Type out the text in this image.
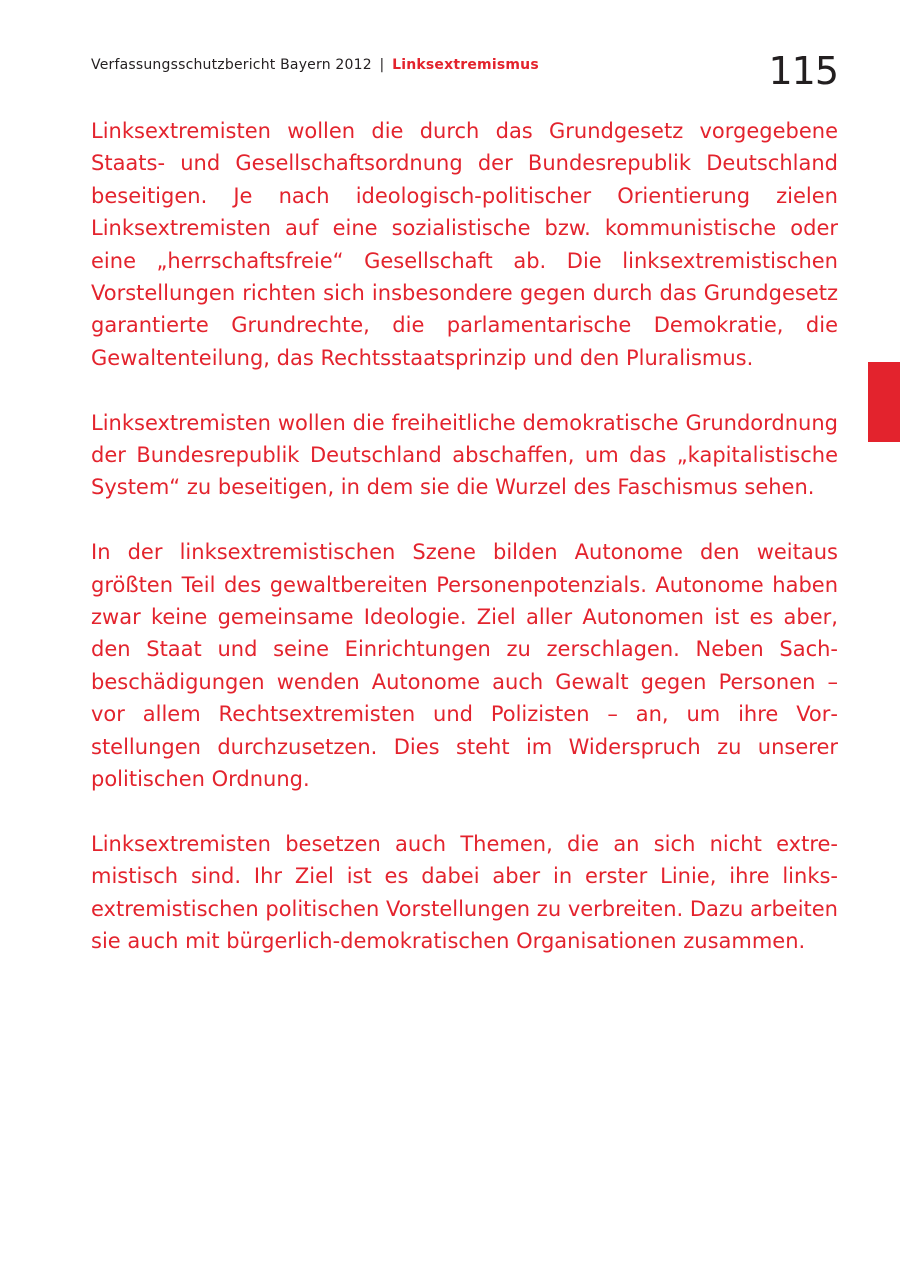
Verfassungsschutzbericht Bayern 2012 | Linksextremismus	115

Linksextremisten wollen die durch das Grundgesetz vorgegebene Staats- und Gesellschaftsordnung der Bundesrepublik Deutschland beseitigen. Je nach ideologisch-politischer Orientierung zielen Linksextremisten auf eine sozialistische bzw. kommunistische oder eine „herrschaftsfreie“ Gesellschaft ab. Die linksextremistischen Vorstellungen richten sich insbesondere gegen durch das Grundgesetz garantierte Grundrechte, die parlamentarische Demokratie, die Gewaltenteilung, das Rechtsstaatsprinzip und den Pluralismus.

Linksextremisten wollen die freiheitliche demokratische Grundordnung der Bundesrepublik Deutschland abschaffen, um das „kapitalistische System“ zu beseitigen, in dem sie die Wurzel des Faschismus sehen.

In der linksextremistischen Szene bilden Autonome den weitaus größten Teil des gewaltbereiten Personenpotenzials. Autonome haben zwar keine gemeinsame Ideologie. Ziel aller Autonomen ist es aber, den Staat und seine Einrichtungen zu zerschlagen. Neben Sachbeschädigungen wenden Autonome auch Gewalt gegen Personen – vor allem Rechtsextremisten und Polizisten – an, um ihre Vorstellungen durchzusetzen. Dies steht im Widerspruch zu unserer politischen Ordnung.

Linksextremisten besetzen auch Themen, die an sich nicht extremistisch sind. Ihr Ziel ist es dabei aber in erster Linie, ihre linksextremistischen politischen Vorstellungen zu verbreiten. Dazu arbeiten sie auch mit bürgerlich-demokratischen Organisationen zusammen.
